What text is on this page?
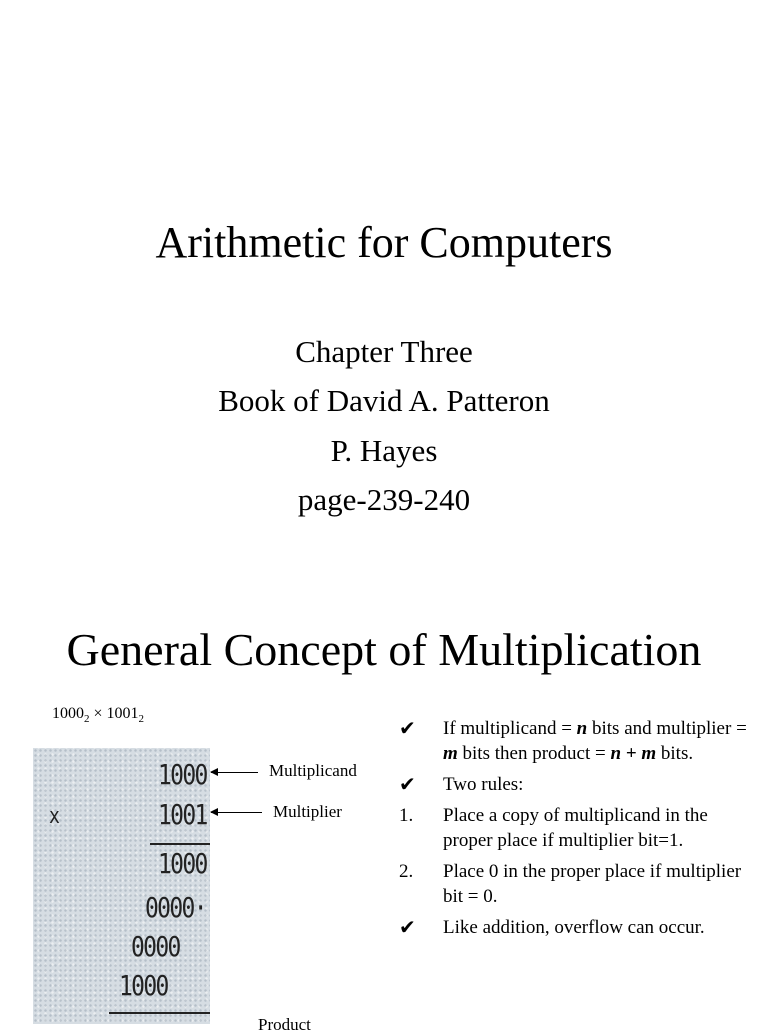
Arithmetic for Computers
Chapter Three
Book of David A. Patteron
P. Hayes
page-239-240
General Concept of Multiplication
$1000_2 \times 1001_2$
1000
x	1001
1000
0000·
0000
1000
Multiplicand
Multiplier
Product
✔	If multiplicand = n bits and multiplier = m bits then product = n + m bits.
✔	Two rules:
1.	Place a copy of multiplicand in the proper place if multiplier bit=1.
2.	Place 0 in the proper place if multiplier bit = 0.
✔	Like addition, overflow can occur.
